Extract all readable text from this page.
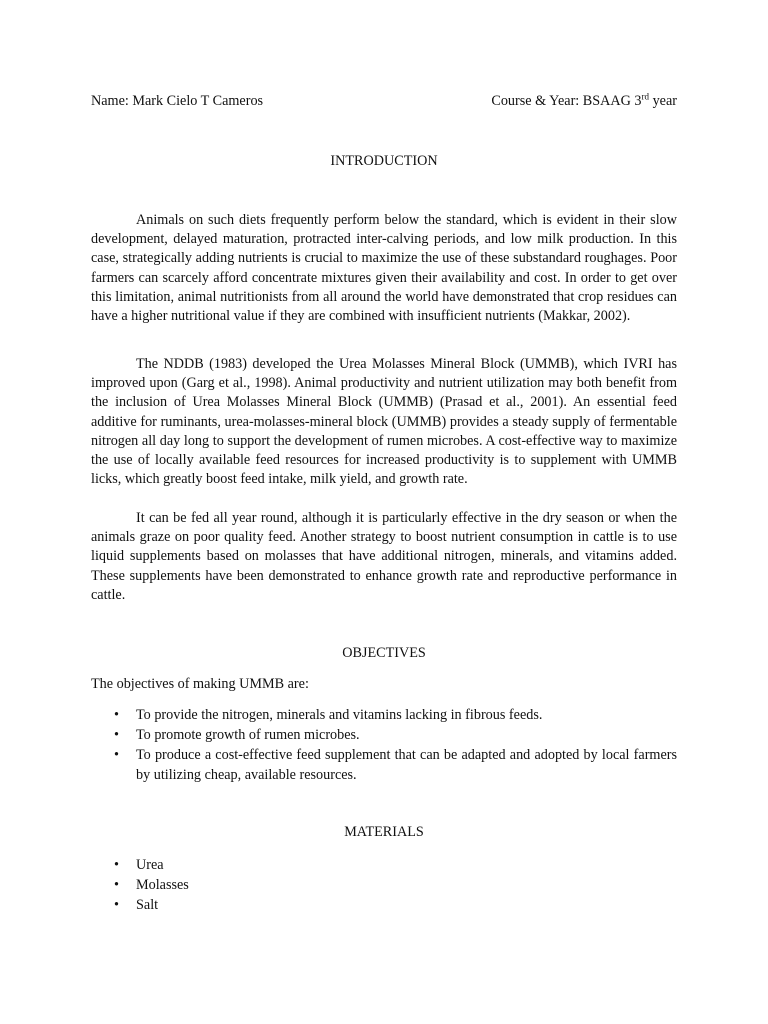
Name: Mark Cielo T Cameros	Course & Year: BSAAG 3rd year
INTRODUCTION

Animals on such diets frequently perform below the standard, which is evident in their slow development, delayed maturation, protracted inter-calving periods, and low milk production. In this case, strategically adding nutrients is crucial to maximize the use of these substandard roughages. Poor farmers can scarcely afford concentrate mixtures given their availability and cost. In order to get over this limitation, animal nutritionists from all around the world have demonstrated that crop residues can have a higher nutritional value if they are combined with insufficient nutrients (Makkar, 2002).

The NDDB (1983) developed the Urea Molasses Mineral Block (UMMB), which IVRI has improved upon (Garg et al., 1998). Animal productivity and nutrient utilization may both benefit from the inclusion of Urea Molasses Mineral Block (UMMB) (Prasad et al., 2001). An essential feed additive for ruminants, urea-molasses-mineral block (UMMB) provides a steady supply of fermentable nitrogen all day long to support the development of rumen microbes. A cost-effective way to maximize the use of locally available feed resources for increased productivity is to supplement with UMMB licks, which greatly boost feed intake, milk yield, and growth rate.

It can be fed all year round, although it is particularly effective in the dry season or when the animals graze on poor quality feed. Another strategy to boost nutrient consumption in cattle is to use liquid supplements based on molasses that have additional nitrogen, minerals, and vitamins added. These supplements have been demonstrated to enhance growth rate and reproductive performance in cattle.

OBJECTIVES
The objectives of making UMMB are:
• To provide the nitrogen, minerals and vitamins lacking in fibrous feeds.
• To promote growth of rumen microbes.
• To produce a cost-effective feed supplement that can be adapted and adopted by local farmers by utilizing cheap, available resources.
MATERIALS
• Urea
• Molasses
• Salt
